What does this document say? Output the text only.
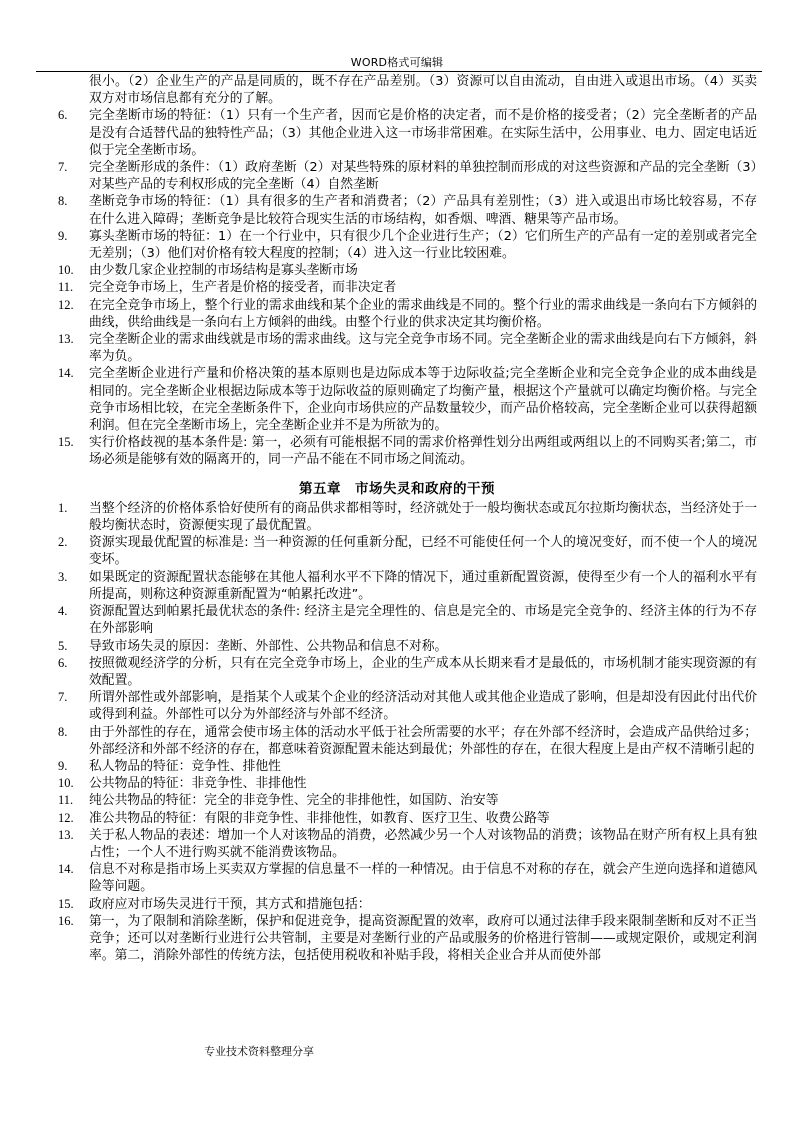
WORD格式可编辑
很小。（2）企业生产的产品是同质的，既不存在产品差别。（3）资源可以自由流动，自由进入或退出市场。（4）买卖双方对市场信息都有充分的了解。
6.	完全垄断市场的特征：（1）只有一个生产者，因而它是价格的决定者，而不是价格的接受者；（2）完全垄断者的产品是没有合适替代品的独特性产品；（3）其他企业进入这一市场非常困难。在实际生活中，公用事业、电力、固定电话近似于完全垄断市场。
7.	完全垄断形成的条件：（1）政府垄断（2）对某些特殊的原材料的单独控制而形成的对这些资源和产品的完全垄断（3）对某些产品的专利权形成的完全垄断（4）自然垄断
8.	垄断竞争市场的特征：（1）具有很多的生产者和消费者；（2）产品具有差别性；（3）进入或退出市场比较容易，不存在什么进入障碍；垄断竞争是比较符合现实生活的市场结构，如香烟、啤酒、糖果等产品市场。
9.	寡头垄断市场的特征：1）在一个行业中，只有很少几个企业进行生产；（2）它们所生产的产品有一定的差别或者完全无差别；（3）他们对价格有较大程度的控制；（4）进入这一行业比较困难。
10.	由少数几家企业控制的市场结构是寡头垄断市场
11.	完全竞争市场上，生产者是价格的接受者，而非决定者
12.	在完全竞争市场上，整个行业的需求曲线和某个企业的需求曲线是不同的。整个行业的需求曲线是一条向右下方倾斜的曲线，供给曲线是一条向右上方倾斜的曲线。由整个行业的供求决定其均衡价格。
13.	完全垄断企业的需求曲线就是市场的需求曲线。这与完全竞争市场不同。完全垄断企业的需求曲线是向右下方倾斜，斜率为负。
14.	完全垄断企业进行产量和价格决策的基本原则也是边际成本等于边际收益;完全垄断企业和完全竞争企业的成本曲线是相同的。完全垄断企业根据边际成本等于边际收益的原则确定了均衡产量，根据这个产量就可以确定均衡价格。与完全竞争市场相比较，在完全垄断条件下，企业向市场供应的产品数量较少，而产品价格较高，完全垄断企业可以获得超额利润。但在完全垄断市场上，完全垄断企业并不是为所欲为的。
15.	实行价格歧视的基本条件是: 第一，必须有可能根据不同的需求价格弹性划分出两组或两组以上的不同购买者;第二，市场必须是能够有效的隔离开的，同一产品不能在不同市场之间流动。
第五章　市场失灵和政府的干预
1.	当整个经济的价格体系恰好使所有的商品供求都相等时，经济就处于一般均衡状态或瓦尔拉斯均衡状态，当经济处于一般均衡状态时，资源便实现了最优配置。
2.	资源实现最优配置的标准是: 当一种资源的任何重新分配，已经不可能使任何一个人的境况变好，而不使一个人的境况变坏。
3.	如果既定的资源配置状态能够在其他人福利水平不下降的情况下，通过重新配置资源，使得至少有一个人的福利水平有所提高，则称这种资源重新配置为“帕累托改进”。
4.	资源配置达到帕累托最优状态的条件: 经济主是完全理性的、信息是完全的、市场是完全竞争的、经济主体的行为不存在外部影响
5.	导致市场失灵的原因：垄断、外部性、公共物品和信息不对称。
6.	按照微观经济学的分析，只有在完全竞争市场上，企业的生产成本从长期来看才是最低的，市场机制才能实现资源的有效配置。
7.	所谓外部性或外部影响，是指某个人或某个企业的经济活动对其他人或其他企业造成了影响，但是却没有因此付出代价或得到利益。外部性可以分为外部经济与外部不经济。
8.	由于外部性的存在，通常会使市场主体的活动水平低于社会所需要的水平；存在外部不经济时，会造成产品供给过多；外部经济和外部不经济的存在，都意味着资源配置未能达到最优；外部性的存在，在很大程度上是由产权不清晰引起的
9.	私人物品的特征：竞争性、排他性
10.	公共物品的特征：非竞争性、非排他性
11.	纯公共物品的特征：完全的非竞争性、完全的非排他性，如国防、治安等
12.	准公共物品的特征：有限的非竞争性、非排他性，如教育、医疗卫生、收费公路等
13.	关于私人物品的表述：增加一个人对该物品的消费，必然减少另一个人对该物品的消费；该物品在财产所有权上具有独占性；一个人不进行购买就不能消费该物品。
14.	信息不对称是指市场上买卖双方掌握的信息量不一样的一种情况。由于信息不对称的存在，就会产生逆向选择和道德风险等问题。
15.	政府应对市场失灵进行干预，其方式和措施包括：
16.	第一，为了限制和消除垄断，保护和促进竞争，提高资源配置的效率，政府可以通过法律手段来限制垄断和反对不正当竞争；还可以对垄断行业进行公共管制，主要是对垄断行业的产品或服务的价格进行管制——或规定限价，或规定利润率。第二，消除外部性的传统方法，包括使用税收和补贴手段，将相关企业合并从而使外部
专业技术资料整理分享
